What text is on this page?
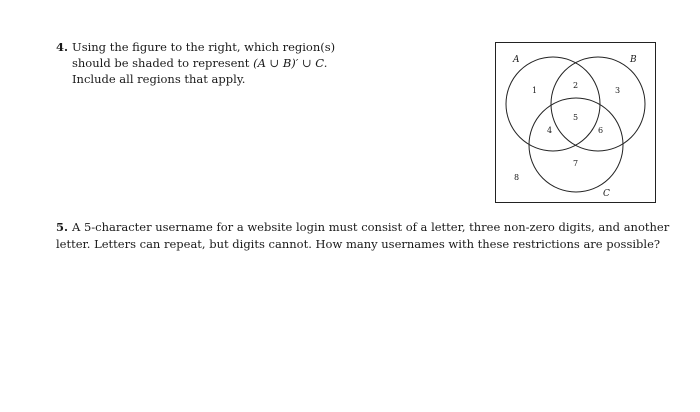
4. Using the figure to the right, which region(s)
should be shaded to represent (A ∪ B)′ ∪ C.
Include all regions that apply.
A	B
C
1
2
3
4
5
6
7
8
5. A 5-character username for a website login must consist of a letter, three non-zero digits, and another letter. Letters can repeat, but digits cannot. How many usernames with these restrictions are possible?
